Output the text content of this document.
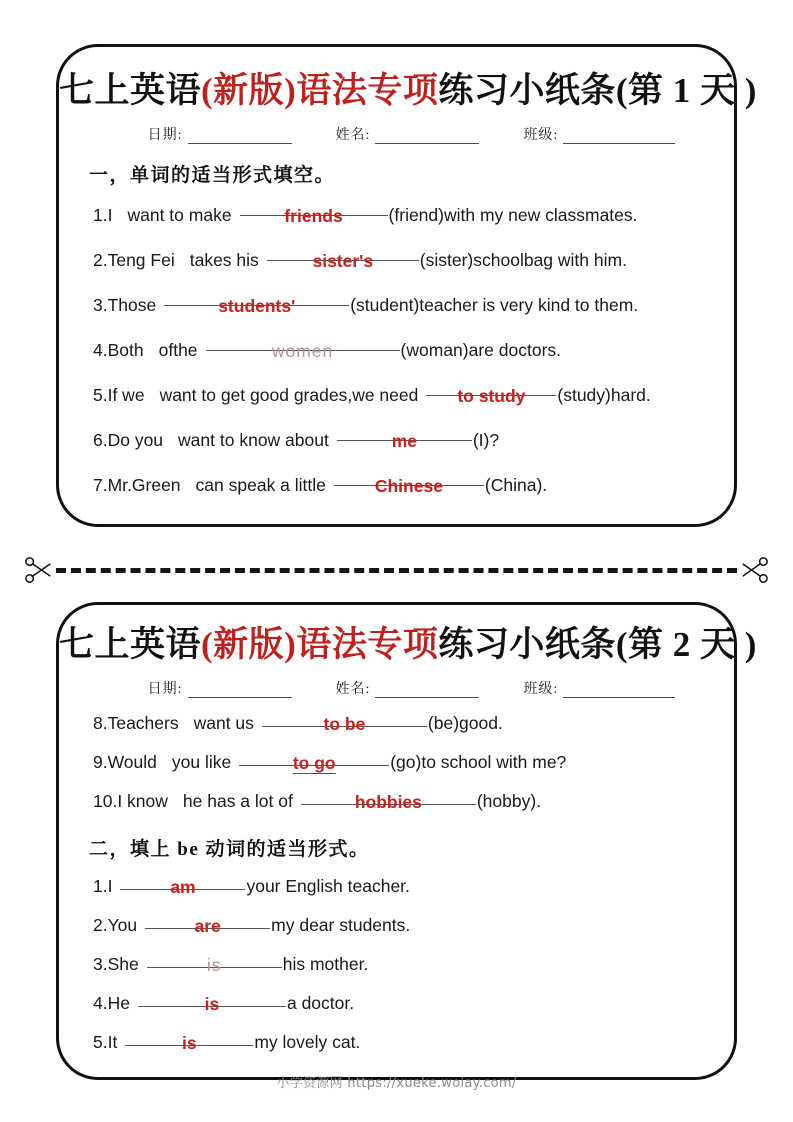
七上英语(新版)语法专项练习小纸条(第 1 天 )
日期:	姓名:	班级:
一，单词的适当形式填空。
1.I want to make	friends	(friend)with my new classmates.
2.Teng Fei takes his	sister's	(sister)schoolbag with him.
3.Those	students'	(student)teacher is very kind to them.
4.Both ofthe	women	(woman)are doctors.
5.If we want to get good grades,we need	to study	(study)hard.
6.Do you want to know about	me	(I)?
7.Mr.Green can speak a little	Chinese	(China).
七上英语(新版)语法专项练习小纸条(第 2 天 )
日期:	姓名:	班级:
8.Teachers want us	to be	(be)good.
9.Would you like	to go	(go)to school with me?
10.I know he has a lot of	hobbies	(hobby).
二，填上 be 动词的适当形式。
1.I	am	your English teacher.
2.You	are	my dear students.
3.She	is	his mother.
4.He	is	a doctor.
5.It	is	my lovely cat.
小学资源网 https://xueke.woiay.com/
